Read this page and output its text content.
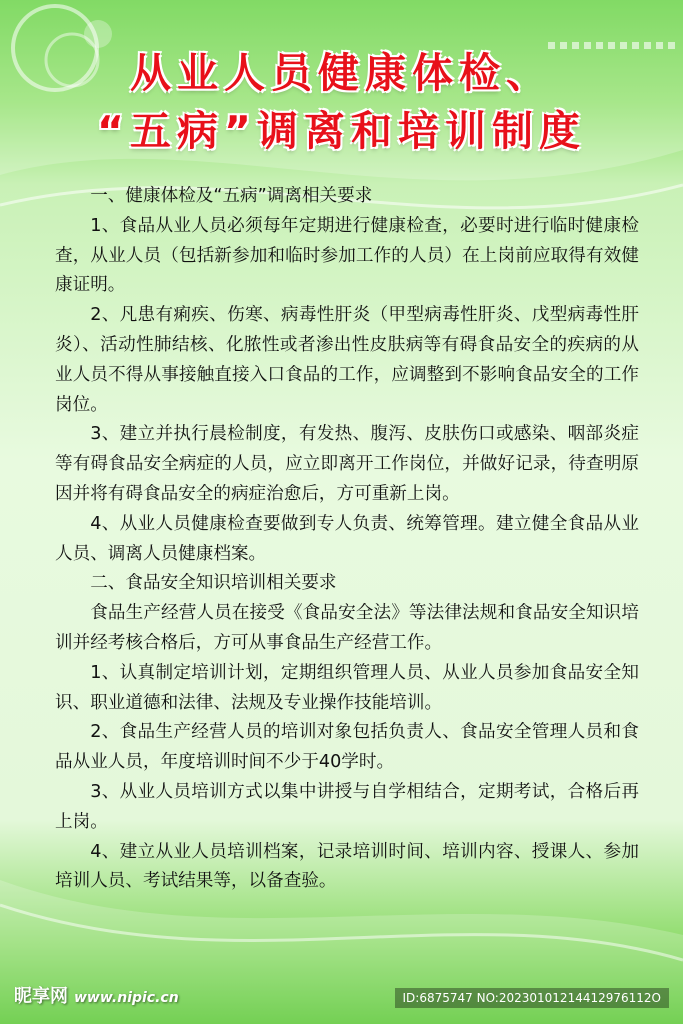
从业人员健康体检、
“五病”调离和培训制度

一、健康体检及“五病”调离相关要求

1、食品从业人员必须每年定期进行健康检查，必要时进行临时健康检查，从业人员（包括新参加和临时参加工作的人员）在上岗前应取得有效健康证明。

2、凡患有痢疾、伤寒、病毒性肝炎（甲型病毒性肝炎、戊型病毒性肝炎）、活动性肺结核、化脓性或者渗出性皮肤病等有碍食品安全的疾病的从业人员不得从事接触直接入口食品的工作，应调整到不影响食品安全的工作岗位。

3、建立并执行晨检制度，有发热、腹泻、皮肤伤口或感染、咽部炎症等有碍食品安全病症的人员，应立即离开工作岗位，并做好记录，待查明原因并将有碍食品安全的病症治愈后，方可重新上岗。

4、从业人员健康检查要做到专人负责、统筹管理。建立健全食品从业人员、调离人员健康档案。

二、食品安全知识培训相关要求

食品生产经营人员在接受《食品安全法》等法律法规和食品安全知识培训并经考核合格后，方可从事食品生产经营工作。

1、认真制定培训计划，定期组织管理人员、从业人员参加食品安全知识、职业道德和法律、法规及专业操作技能培训。

2、食品生产经营人员的培训对象包括负责人、食品安全管理人员和食品从业人员，年度培训时间不少于40学时。

3、从业人员培训方式以集中讲授与自学相结合，定期考试，合格后再上岗。

4、建立从业人员培训档案，记录培训时间、培训内容、授课人、参加培训人员、考试结果等，以备查验。

昵享网 www.nipic.cn	ID:6875747 NO:20230101214412976112O
